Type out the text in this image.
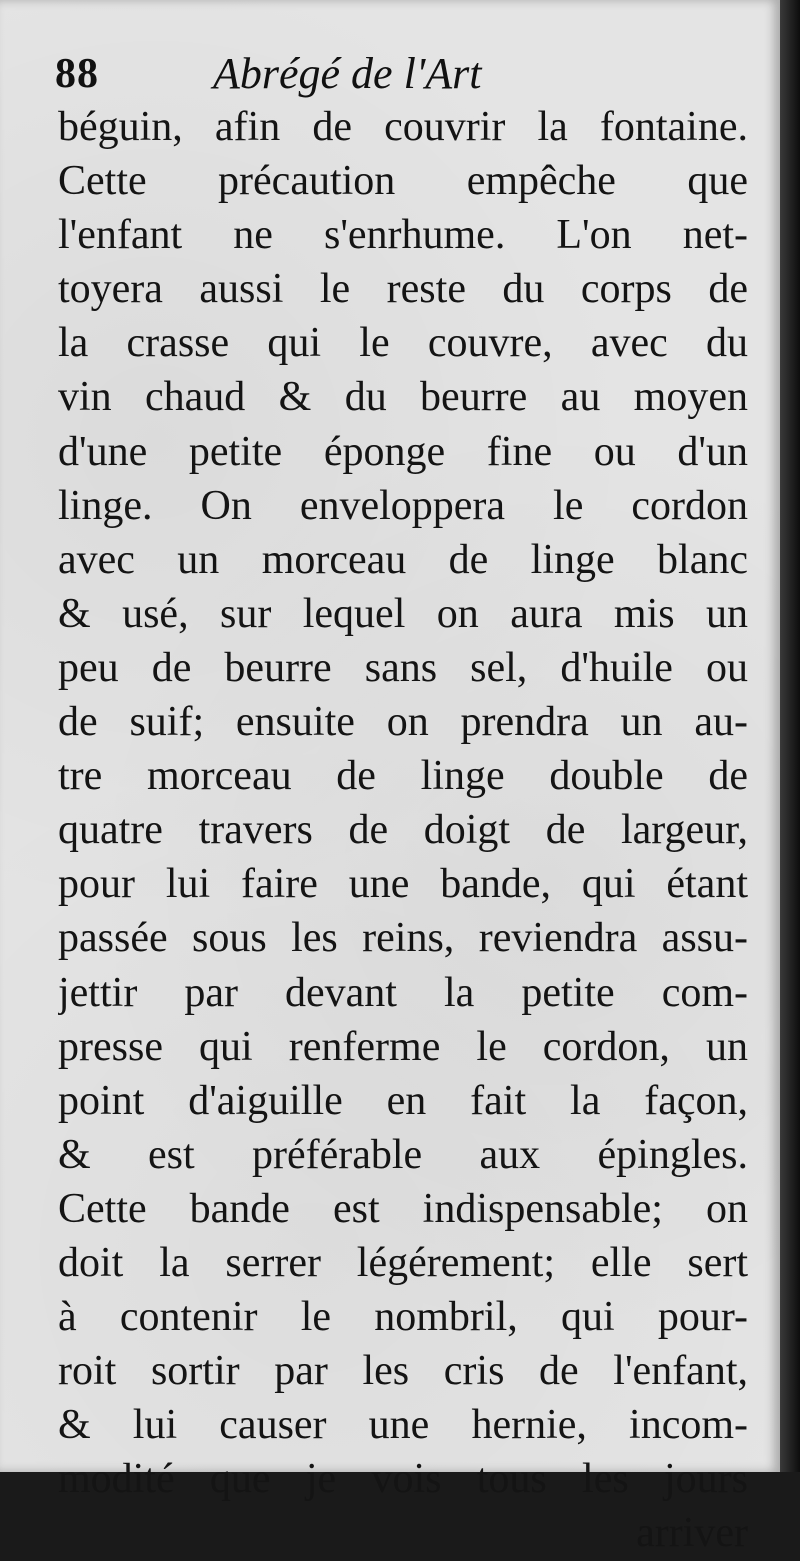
88	Abrégé de l'Art
béguin, afin de couvrir la fontaine.
Cette précaution empêche que
l'enfant ne s'enrhume. L'on net-
toyera aussi le reste du corps de
la crasse qui le couvre, avec du
vin chaud & du beurre au moyen
d'une petite éponge fine ou d'un
linge. On enveloppera le cordon
avec un morceau de linge blanc
& usé, sur lequel on aura mis un
peu de beurre sans sel, d'huile ou
de suif; ensuite on prendra un au-
tre morceau de linge double de
quatre travers de doigt de largeur,
pour lui faire une bande, qui étant
passée sous les reins, reviendra assu-
jettir par devant la petite com-
presse qui renferme le cordon, un
point d'aiguille en fait la façon,
& est préférable aux épingles.
Cette bande est indispensable; on
doit la serrer légérement; elle sert
à contenir le nombril, qui pour-
roit sortir par les cris de l'enfant,
& lui causer une hernie, incom-
modité que je vois tous les jours
arriver
